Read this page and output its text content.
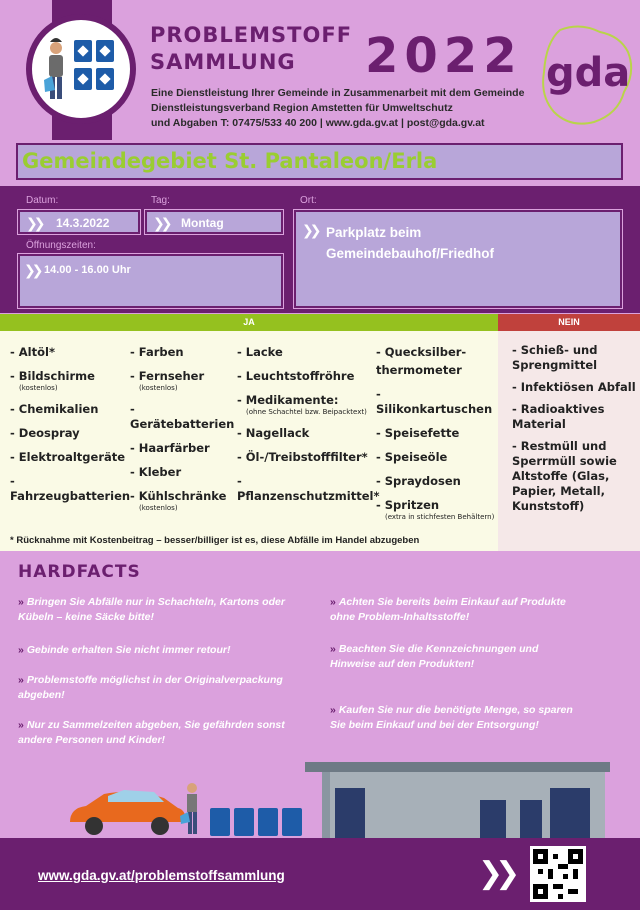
PROBLEMSTOFF
SAMMLUNG	2022 gda
Eine Dienstleistung Ihrer Gemeinde in Zusammenarbeit mit dem Gemeinde
Dienstleistungsverband Region Amstetten für Umweltschutz
und Abgaben T: 07475/533 40 200 | www.gda.gv.at | post@gda.gv.at
Gemeindegebiet St. Pantaleon/Erla
Datum:
❯❯ 14.3.2022
Tag:
❯❯ Montag
Ort:
❯❯ Parkplatz beim
Gemeindebauhof/Friedhof
Öffnungszeiten:
❯❯ 14.00 - 16.00 Uhr
JA	NEIN
- Altöl*
- Bildschirme
(kostenlos)
- Chemikalien
- Deospray
- Elektroaltgeräte
- Fahrzeugbatterien
- Farben
- Fernseher
(kostenlos)
- Gerätebatterien
- Haarfärber
- Kleber
- Kühlschränke
(kostenlos)
- Lacke
- Leuchtstoffröhre
- Medikamente:
(ohne Schachtel bzw. Beipacktext)
- Nagellack
- Öl-/Treibstofffilter*
- Pflanzenschutzmittel*
- Quecksilber-
thermometer
- Silikonkartuschen
- Speisefette
- Speiseöle
- Spraydosen
- Spritzen
(extra in stichfesten Behältern)
- Schieß- und Sprengmittel
- Infektiösen Abfall
- Radioaktives Material
- Restmüll und Sperrmüll sowie Altstoffe (Glas, Papier, Metall, Kunststoff)
* Rücknahme mit Kostenbeitrag – besser/billiger ist es, diese Abfälle im Handel abzugeben
HARDFACTS
» Bringen Sie Abfälle nur in Schachteln, Kartons oder Kübeln – keine Säcke bitte!
» Gebinde erhalten Sie nicht immer retour!
» Problemstoffe möglichst in der Originalverpackung abgeben!
» Nur zu Sammelzeiten abgeben, Sie gefährden sonst andere Personen und Kinder!
» Achten Sie bereits beim Einkauf auf Produkte ohne Problem-Inhaltsstoffe!
» Beachten Sie die Kennzeichnungen und Hinweise auf den Produkten!
» Kaufen Sie nur die benötigte Menge, so sparen Sie beim Einkauf und bei der Entsorgung!
www.gda.gv.at/problemstoffsammlung	❯❯
